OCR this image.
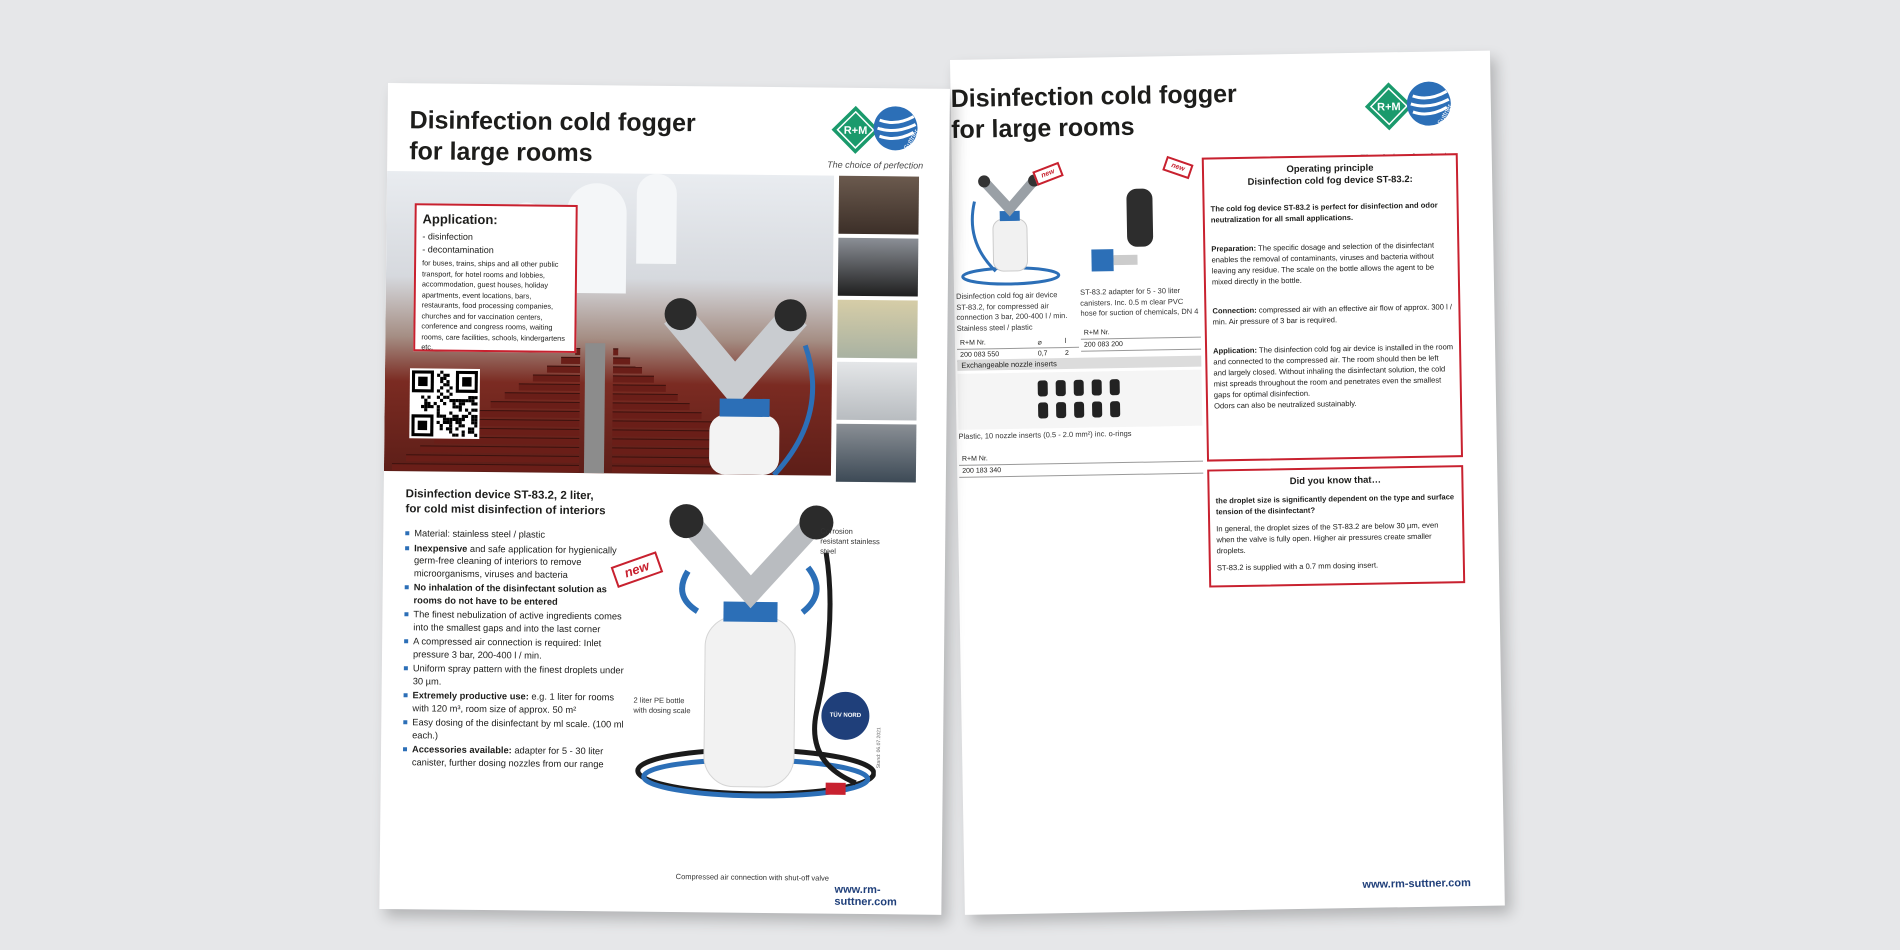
Disinfection cold fogger
for large rooms
R+M	Suttner
new
Disinfection cold fog air device ST-83.2, for compressed air connection 3 bar, 200-400 l / min. Stainless steel / plastic
R+M Nr.	⌀	l
200 083 550	0,7	2
new
ST-83.2 adapter for 5 - 30 liter canisters. Inc. 0.5 m clear PVC hose for suction of chemicals, DN 4
R+M Nr.
200 083 200
Exchangeable nozzle inserts
Plastic, 10 nozzle inserts (0.5 - 2.0 mm²) inc. o-rings
R+M Nr.
200 183 340
Operating principle
Disinfection cold fog device ST-83.2:

The cold fog device ST-83.2 is perfect for disinfection and odor neutralization for all small applications.

Preparation: The specific dosage and selection of the disinfectant enables the removal of contaminants, viruses and bacteria without leaving any residue. The scale on the bottle allows the agent to be mixed directly in the bottle.

Connection: compressed air with an effective air flow of approx. 300 l / min. Air pressure of 3 bar is required.

Application: The disinfection cold fog air device is installed in the room and connected to the compressed air. The room should then be left and largely closed. Without inhaling the disinfectant solution, the cold mist spreads throughout the room and penetrates even the smallest gaps for optimal disinfection.

Odors can also be neutralized sustainably.

Did you know that…

the droplet size is significantly dependent on the type and surface tension of the disinfectant?

In general, the droplet sizes of the ST-83.2 are below 30 µm, even when the valve is fully open. Higher air pressures create smaller droplets.

ST-83.2 is supplied with a 0.7 mm dosing insert.

www.rm-suttner.com
Disinfection cold fogger
for large rooms
R+M	Suttner
The choice of perfection
Application:

- disinfection

- decontamination

for buses, trains, ships and all other public transport, for hotel rooms and lobbies, accommodation, guest houses, holiday apartments, event locations, bars, restaurants, food processing companies, churches and for vaccination centers, conference and congress rooms, waiting rooms, care facilities, schools, kindergartens etc.
Disinfection device ST-83.2, 2 liter,
for cold mist disinfection of interiors
Material: stainless steel / plastic
Inexpensive and safe application for hygienically germ-free cleaning of interiors to remove microorganisms, viruses and bacteria
No inhalation of the disinfectant solution as rooms do not have to be entered
The finest nebulization of active ingredients comes into the smallest gaps and into the last corner
A compressed air connection is required: Inlet pressure 3 bar, 200-400 l / min.
Uniform spray pattern with the finest droplets under 30 µm.
Extremely productive use: e.g. 1 liter for rooms with 120 m³, room size of approx. 50 m²
Easy dosing of the disinfectant by ml scale. (100 ml each.)
Accessories available: adapter for 5 - 30 liter canister, further dosing nozzles from our range
new
Corrosion resistant stainless steel
2 liter PE bottle with dosing scale
Compressed air connection with shut-off valve
TÜV NORD
Stand: 06.07.2021
www.rm-suttner.com
